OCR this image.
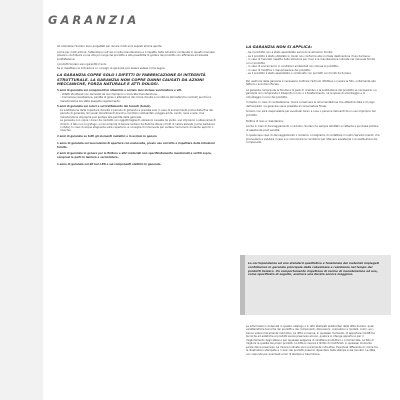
GARANZIA

Gli ombrelloni Scolaro sono progettati per durare molti anni esposti all'aria aperta.

Come per molti articoli, l'attenzione nell'uso e nella manutenzione e il rispetto delle istruzioni contenute in questo manuale possono contribuire a una vita più lunga del prodotto e alla possibilità di godere del prodotto con efficienza ed elevata soddisfazione.

I prodotti Scolaro sono garantiti 2 anni.

Se si rispettano le indicazioni e i consigli, la garanzia può essere estesa come segue:

LA GARANZIA COPRE SOLO I DIFETTI DI FABBRICAZIONE DI INTEGRITÀ STRUTTURALE. LA GARANZIA NON COPRE DANNI CAUSATI DA AZIONI MECCANICHE, FORZA NATURALE E ATTI DOLOSI.

5 anni di garanzia sui componenti in alluminio e acciaio inox incluse verniciatura e viti.

– Difetti strutturali non derivanti da uso improprio o mancata manutenzione.

– Corrosione (ossidazione, perdita di gloss o alterazioni del colore dovute a condizioni atmosferiche normali) purché la manutenzione sia stata eseguita regolarmente.

5 anni di garanzia sui colori e sul trattamento dei tessuti (teloni).

La sostituzione della copertura durante il periodo di garanzia è prevista solo in caso di scolorimento prima della fine del periodo di garanzia. Gli usuali decadimenti dovuti a condizioni ambientali, pioggia acida, vento, neve e sole. Una manutenzione impropria può portare alla perdita della garanzia.

La garanzia non copre i danni da contatto con oggetti taglienti, abrasioni causate da vento, uso improprio o sbiancamenti chimici. Il telo non è ignifugo: si raccomanda di tenere lontano da fiamme libere o fonti di calore elevato (come barbecue o stufe). In caso di acqua stagnante sulla copertura, si consiglia di rimuoverla per evitare l'accumulo di residui sporchi o muschio.

2 anni di garanzia su tutti gli elementi metallici e in acciaio in genere

1 anno di garanzia sui meccanismi di apertura con manovella, previo uso corretto e rispettare delle istruzioni fornite.

2 anni di garanzia in genere per le finiture e altri materiali non specificatamente menzionati a scritti sopra, compresi le parti in lamiera e verniciatura.

1 anno di garanzia sui kit luci LED e sui componenti elettrici in generale.

LA GARANZIA NON SI APPLICA:

– Se il prodotto non è stato assemblato secondo le istruzioni fornite;

– se il prodotto è stato utilizzato in modo non conforme alla normale destinazione d'uso del bene;

– in caso di mancato rispetto delle istruzioni per l'uso e la manutenzione indicate nel manuale fornito con il prodotto;

– in caso di sovraccarico in condizioni ambientali non idonee al prodotto;

– in caso di modifica o manomissione del prodotto;

– se il prodotto è stato assemblato o combinato con prodotti non forniti da Scolaro.

Per usufruire della garanzia è necessario inoltrare l'articolo difettoso o inviare le foto, unitamente alla fattura o scontrino fiscale.

La garanzia comprende la fornitura di parti di ricambio o la sostituzione del prodotto se necessario. La garanzia non comprende il trasporto in loco o il trasferimento, né le spese di smontaggio e di rimontaggio in loco del prodotto.

Il cliente, in caso di contestazione, dovrà conservare la documentazione che attesti la data e il luogo dell'acquisto. La garanzia viene prestata al consumatore finale.

Scolaro non sarà responsabile per eventuali danni a cose o persone derivanti da un uso improprio del prodotto.

Politica di reso e rivalutazioni

Anche in caso di danneggiamento o reclamo, Scolaro ha sempre adottato un'attenta e puntuale politica di assistenza post vendita.

In qualunque caso di danneggiamento o reclamo, consigliamo di contattare il nostro Servizio Clienti, che provvederà a valutare il caso e a comunicare le condizioni per ottenere assistenza o la sostituzione dei componenti.

La corrispondenza ad uno standard qualitativo e funzionale dei materiali impiegati contribuisce in garanzia principale della robustezza e resistenza nel tempo dei prodotti Scolaro. Un comportamento rispettoso di norme di manutenzione ed uso, come specificato di seguito, assicura una durata ancora maggiore.

Le informazioni contenute in questo catalogo o in altri stampati pubblicitari della ditta Scolaro, quali caratteristiche tecniche dei prodotti e dei componenti, dimensioni, colorazioni e modelli, colori, ecc., hanno valore meramente indicativo. La ditta si riserva, in qualsiasi momento, di apportare modifiche tecniche ed estetiche ai prodotti senza preavviso alcuno, qualora lo ritenga opportuno per il miglioramento degli stessi o per qualsiasi esigenza di carattere produttivo o commerciale. Le foto di migliore la qualità dei propri prodotti, la ditta si riserva il diritto di modificarli in qualsiasi momento senza darne preavviso. Le misure indicate sono puramente indicative. Eventuali differenze di colore tra le illustrazioni stampate e i colori dei prodotti possono dipendere dalla stampa e dai monitor. La ditta non risponde per eventuali errori di stampa e trascrizione.
